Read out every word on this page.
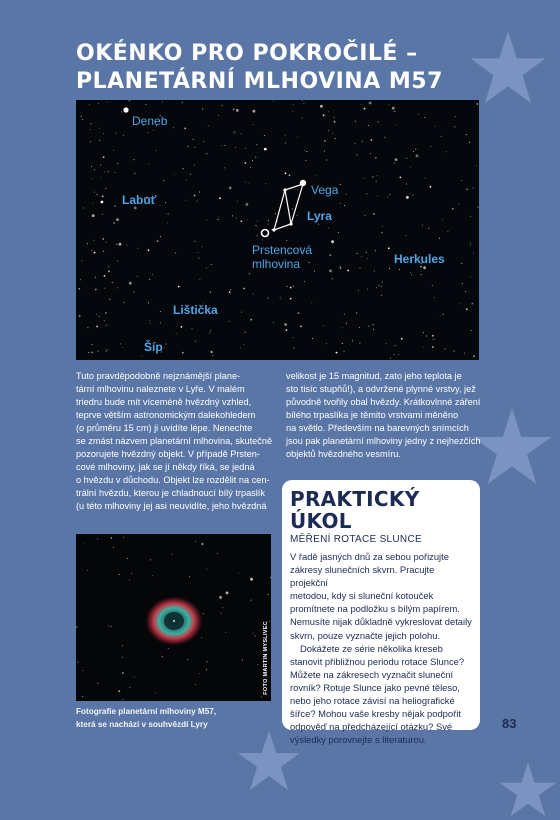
OKÉNKO PRO POKROČILÉ –
PLANETÁRNÍ MLHOVINA M57
Deneb
Labuť
Vega
Lyra
Prstencová
mlhovina	Herkules
Lištička
Šíp

Tuto pravděpodobně nejznámější plane-
tární mlhovinu naleznete v Lyře. V malém
triedru bude mít víceméně hvězdný vzhled,
teprve větším astronomickým dalekohledem
(o průměru 15 cm) ji uvidíte lépe. Nenechte
se zmást názvem planetární mlhovina, skutečně
pozorujete hvězdný objekt. V případě Prsten-
cové mlhoviny, jak se jí někdy říká, se jedná
o hvězdu v důchodu. Objekt lze rozdělit na cen-
trální hvězdu, kterou je chladnoucí bílý trpaslík
(u této mlhoviny jej asi neuvidíte, jeho hvězdná

velikost je 15 magnitud, zato jeho teplota je
sto tisíc stupňů!), a odvržené plynné vrstvy, jež
původně tvořily obal hvězdy. Krátkovlnné záření
bílého trpaslíka je těmito vrstvami měněno
na světlo. Především na barevných snímcích
jsou pak planetární mlhoviny jedny z nejhezčích
objektů hvězdného vesmíru.

FOTO MARTIN MYSLIVEC

Fotografie planetární mlhoviny M57,
která se nachází v souhvězdí Lyry

PRAKTICKÝ ÚKOL
MĚŘENÍ ROTACE SLUNCE

V řadě jasných dnů za sebou pořizujte
zákresy slunečních skvrn. Pracujte projekční
metodou, kdy si sluneční kotouček
promítnete na podložku s bílým papírem.
Nemusíte nijak důkladně vykreslovat detaily
skvrn, pouze vyznačte jejich polohu.

Dokážete ze série několika kreseb
stanovit přibližnou periodu rotace Slunce?
Můžete na zákresech vyznačit sluneční
rovník? Rotuje Slunce jako pevné těleso,
nebo jeho rotace závisí na heliografické
šířce? Mohou vaše kresby nějak podpořit
odpověď na předcházející otázku? Své
výsledky porovnejte s literaturou.

83
